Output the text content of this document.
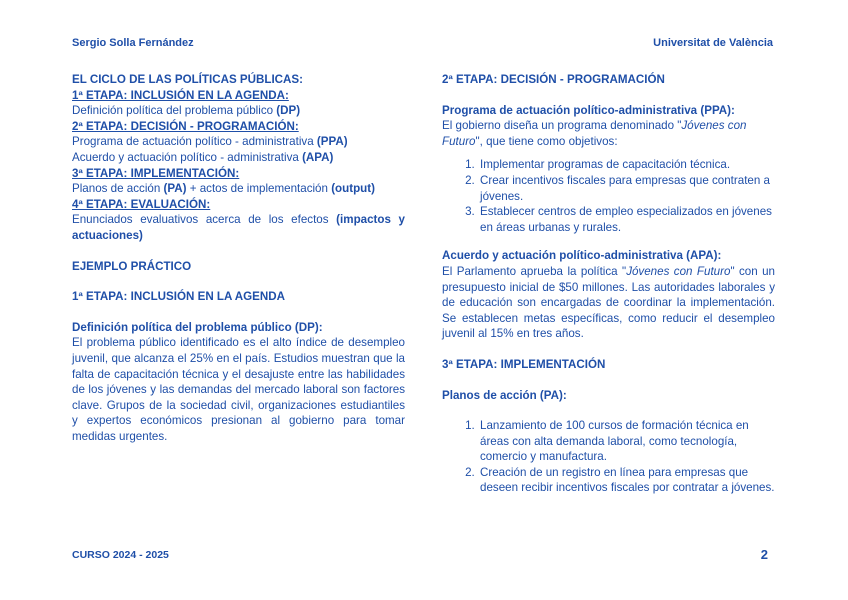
Sergio Solla Fernández	Universitat de València

EL CICLO DE LAS POLÍTICAS PÚBLICAS:

1ª ETAPA: INCLUSIÓN EN LA AGENDA:

Definición política del problema público (DP)

2ª ETAPA: DECISIÓN - PROGRAMACIÓN:

Programa de actuación político - administrativa (PPA)

Acuerdo y actuación político - administrativa (APA)

3ª ETAPA: IMPLEMENTACIÓN:

Planos de acción (PA) + actos de implementación (output)

4ª ETAPA: EVALUACIÓN:

Enunciados evaluativos acerca de los efectos (impactos y actuaciones)

EJEMPLO PRÁCTICO

1ª ETAPA: INCLUSIÓN EN LA AGENDA

Definición política del problema público (DP):

El problema público identificado es el alto índice de desempleo juvenil, que alcanza el 25% en el país. Estudios muestran que la falta de capacitación técnica y el desajuste entre las habilidades de los jóvenes y las demandas del mercado laboral son factores clave. Grupos de la sociedad civil, organizaciones estudiantiles y expertos económicos presionan al gobierno para tomar medidas urgentes.

2ª ETAPA: DECISIÓN - PROGRAMACIÓN

Programa de actuación político-administrativa (PPA):

El gobierno diseña un programa denominado "Jóvenes con Futuro", que tiene como objetivos:

1. Implementar programas de capacitación técnica.
2. Crear incentivos fiscales para empresas que contraten a jóvenes.
3. Establecer centros de empleo especializados en jóvenes en áreas urbanas y rurales.

Acuerdo y actuación político-administrativa (APA):

El Parlamento aprueba la política "Jóvenes con Futuro" con un presupuesto inicial de $50 millones. Las autoridades laborales y de educación son encargadas de coordinar la implementación. Se establecen metas específicas, como reducir el desempleo juvenil al 15% en tres años.

3ª ETAPA: IMPLEMENTACIÓN

Planos de acción (PA):

1. Lanzamiento de 100 cursos de formación técnica en áreas con alta demanda laboral, como tecnología, comercio y manufactura.
2. Creación de un registro en línea para empresas que deseen recibir incentivos fiscales por contratar a jóvenes.
CURSO 2024 - 2025	2
